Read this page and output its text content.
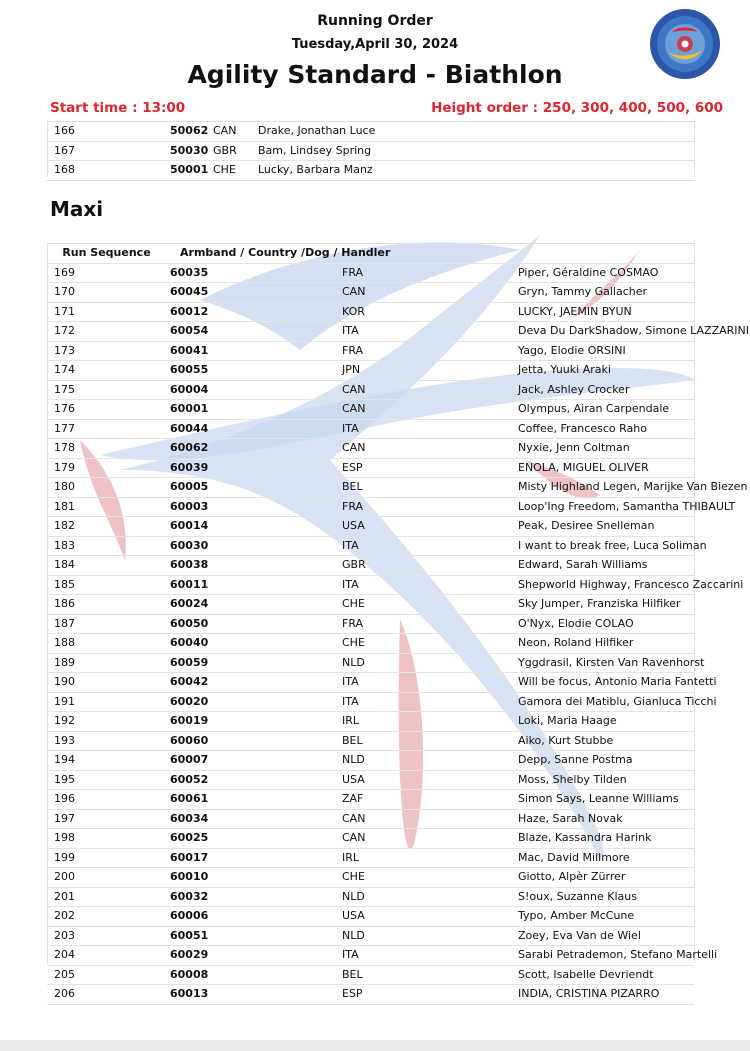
Running Order
Tuesday,April 30, 2024
Agility Standard - Biathlon
Start time : 13:00	Height order : 250, 300, 400, 500, 600
166	50062	CAN	Drake, Jonathan Luce
167	50030	GBR	Bam, Lindsey Spring
168	50001	CHE	Lucky, Barbara Manz
Maxi
Run Sequence	Armband / Country /Dog / Handler		
169	60035	FRA	Piper, Géraldine COSMAO
170	60045	CAN	Gryn, Tammy Gallacher
171	60012	KOR	LUCKY, JAEMIN BYUN
172	60054	ITA	Deva Du DarkShadow, Simone LAZZARINI
173	60041	FRA	Yago, Elodie ORSINI
174	60055	JPN	Jetta, Yuuki Araki
175	60004	CAN	Jack, Ashley Crocker
176	60001	CAN	Olympus, Airan Carpendale
177	60044	ITA	Coffee, Francesco Raho
178	60062	CAN	Nyxie, Jenn Coltman
179	60039	ESP	ENOLA, MIGUEL OLIVER
180	60005	BEL	Misty Highland Legen, Marijke Van Biezen
181	60003	FRA	Loop'Ing Freedom, Samantha THIBAULT
182	60014	USA	Peak, Desiree Snelleman
183	60030	ITA	I want to break free, Luca Soliman
184	60038	GBR	Edward, Sarah Williams
185	60011	ITA	Shepworld Highway, Francesco Zaccarini
186	60024	CHE	Sky Jumper, Franziska Hilfiker
187	60050	FRA	O'Nyx, Elodie COLAO
188	60040	CHE	Neon, Roland Hilfiker
189	60059	NLD	Yggdrasil, Kirsten Van Ravenhorst
190	60042	ITA	Will be focus, Antonio Maria Fantetti
191	60020	ITA	Gamora dei Matiblu, Gianluca Ticchi
192	60019	IRL	Loki, Maria Haage
193	60060	BEL	Aiko, Kurt Stubbe
194	60007	NLD	Depp, Sanne Postma
195	60052	USA	Moss, Shelby Tilden
196	60061	ZAF	Simon Says, Leanne Williams
197	60034	CAN	Haze, Sarah Novak
198	60025	CAN	Blaze, Kassandra Harink
199	60017	IRL	Mac, David Millmore
200	60010	CHE	Giotto, Alpèr Zürrer
201	60032	NLD	S!oux, Suzanne Klaus
202	60006	USA	Typo, Amber McCune
203	60051	NLD	Zoey, Eva Van de Wiel
204	60029	ITA	Sarabi Petrademon, Stefano Martelli
205	60008	BEL	Scott, Isabelle Devriendt
206	60013	ESP	INDIA, CRISTINA PIZARRO
